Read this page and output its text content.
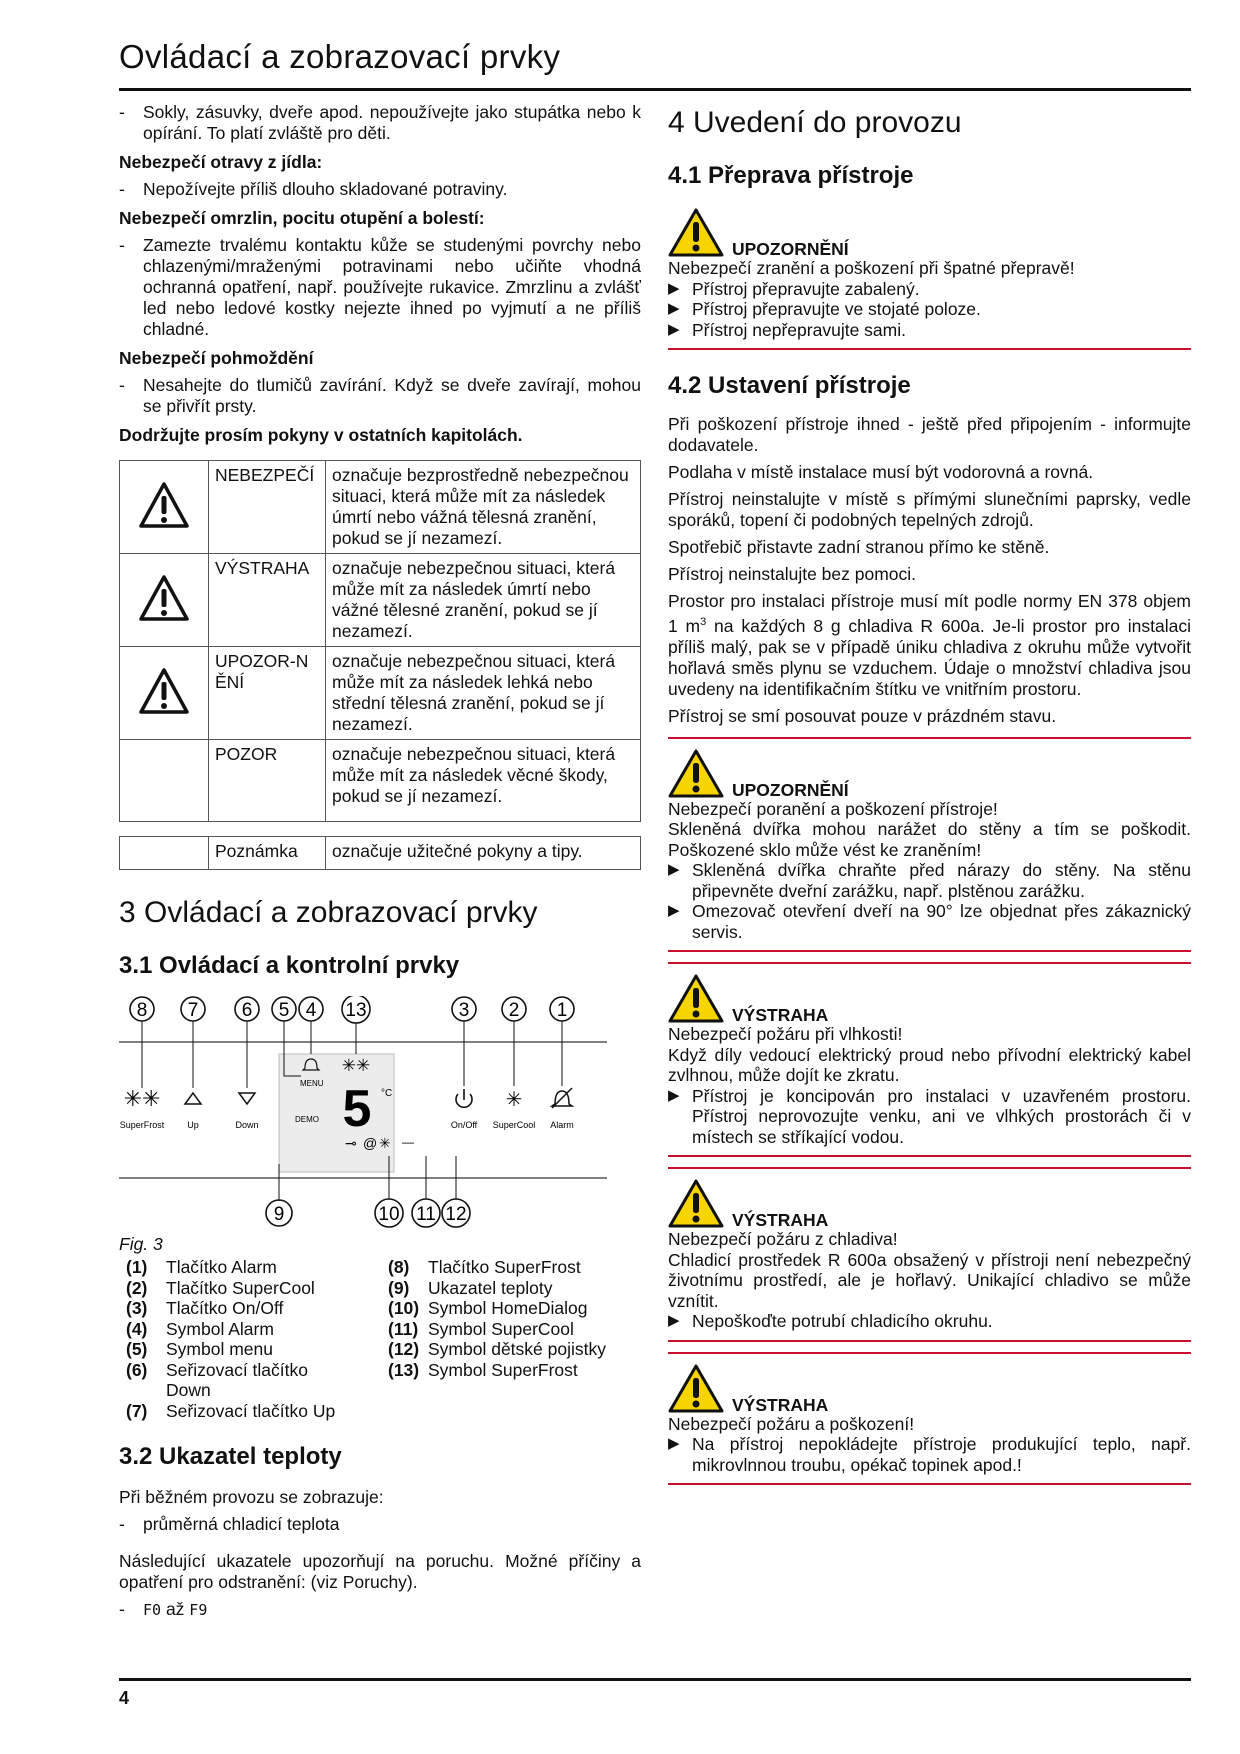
Ovládací a zobrazovací prvky
-	Sokly, zásuvky, dveře apod. nepoužívejte jako stupátka nebo k opírání. To platí zvláště pro děti.
Nebezpečí otravy z jídla:
-	Nepožívejte příliš dlouho skladované potraviny.
Nebezpečí omrzlin, pocitu otupění a bolestí:
-	Zamezte trvalému kontaktu kůže se studenými povrchy nebo chlazenými/mraženými potravinami nebo učiňte vhodná ochranná opatření, např. používejte rukavice. Zmrzlinu a zvlášť led nebo ledové kostky nejezte ihned po vyjmutí a ne příliš chladné.
Nebezpečí pohmoždění
-	Nesahejte do tlumičů zavírání. Když se dveře zavírají, mohou se přivřít prsty.
Dodržujte prosím pokyny v ostatních kapitolách.
	NEBEZPEČÍ	označuje bezprostředně nebezpečnou situaci, která může mít za následek úmrtí nebo vážná tělesná zranění, pokud se jí nezamezí.
	VÝSTRAHA	označuje nebezpečnou situaci, která může mít za následek úmrtí nebo vážné tělesné zranění, pokud se jí nezamezí.
	UPOZOR-NĚNÍ	označuje nebezpečnou situaci, která může mít za následek lehká nebo střední tělesná zranění, pokud se jí nezamezí.
	POZOR	označuje nebezpečnou situaci, která může mít za následek věcné škody, pokud se jí nezamezí.
	Poznámka	označuje užitečné pokyny a tipy.
3 Ovládací a zobrazovací prvky
3.1 Ovládací a kontrolní prvky
8 7 6 5 4 13	3 2 1
✳✳
SuperFrost	Up	Down
MENU
✳✳
5 °C
DEMO
⊸ @ ✳ —
On/Off
✳
SuperCool Alarm
9	10 11 12
Fig. 3
(1)	Tlačítko Alarm
(2)	Tlačítko SuperCool
(3)	Tlačítko On/Off
(4)	Symbol Alarm
(5)	Symbol menu
(6)	Seřizovací tlačítko Down
(7)	Seřizovací tlačítko Up
(8)	Tlačítko SuperFrost
(9)	Ukazatel teploty
(10) Symbol HomeDialog
(11) Symbol SuperCool
(12) Symbol dětské pojistky
(13) Symbol SuperFrost
3.2 Ukazatel teploty

Při běžném provozu se zobrazuje:

-	průměrná chladicí teplota

Následující ukazatele upozorňují na poruchu. Možné příčiny a opatření pro odstranění: (viz Poruchy).

-	F0 až F9
4 Uvedení do provozu
4.1 Přeprava přístroje
UPOZORNĚNÍ

Nebezpečí zranění a poškození při špatné přepravě!

▶ Přístroj přepravujte zabalený.
▶ Přístroj přepravujte ve stojaté poloze.
▶ Přístroj nepřepravujte sami.
4.2 Ustavení přístroje

Při poškození přístroje ihned - ještě před připojením - informujte dodavatele.

Podlaha v místě instalace musí být vodorovná a rovná.

Přístroj neinstalujte v místě s přímými slunečními paprsky, vedle sporáků, topení či podobných tepelných zdrojů.

Spotřebič přistavte zadní stranou přímo ke stěně.

Přístroj neinstalujte bez pomoci.

Prostor pro instalaci přístroje musí mít podle normy EN 378 objem 1 $m^3$ na každých 8 g chladiva R 600a. Je-li prostor pro instalaci příliš malý, pak se v případě úniku chladiva z okruhu může vytvořit hořlavá směs plynu se vzduchem. Údaje o množství chladiva jsou uvedeny na identifikačním štítku ve vnitřním prostoru.

Přístroj se smí posouvat pouze v prázdném stavu.

UPOZORNĚNÍ

Nebezpečí poranění a poškození přístroje!

Skleněná dvířka mohou narážet do stěny a tím se poškodit. Poškozené sklo může vést ke zraněním!

▶ Skleněná dvířka chraňte před nárazy do stěny. Na stěnu připevněte dveřní zarážku, např. plstěnou zarážku.
▶ Omezovač otevření dveří na 90° lze objednat přes zákaznický servis.
VÝSTRAHA

Nebezpečí požáru při vlhkosti!

Když díly vedoucí elektrický proud nebo přívodní elektrický kabel zvlhnou, může dojít ke zkratu.

▶ Přístroj je koncipován pro instalaci v uzavřeném prostoru. Přístroj neprovozujte venku, ani ve vlhkých prostorách či v místech se stříkající vodou.
VÝSTRAHA

Nebezpečí požáru z chladiva!

Chladicí prostředek R 600a obsažený v přístroji není nebezpečný životnímu prostředí, ale je hořlavý. Unikající chladivo se může vznítit.

▶ Nepoškoďte potrubí chladicího okruhu.
VÝSTRAHA

Nebezpečí požáru a poškození!

▶ Na přístroj nepokládejte přístroje produkující teplo, např. mikrovlnnou troubu, opékač topinek apod.!
4
